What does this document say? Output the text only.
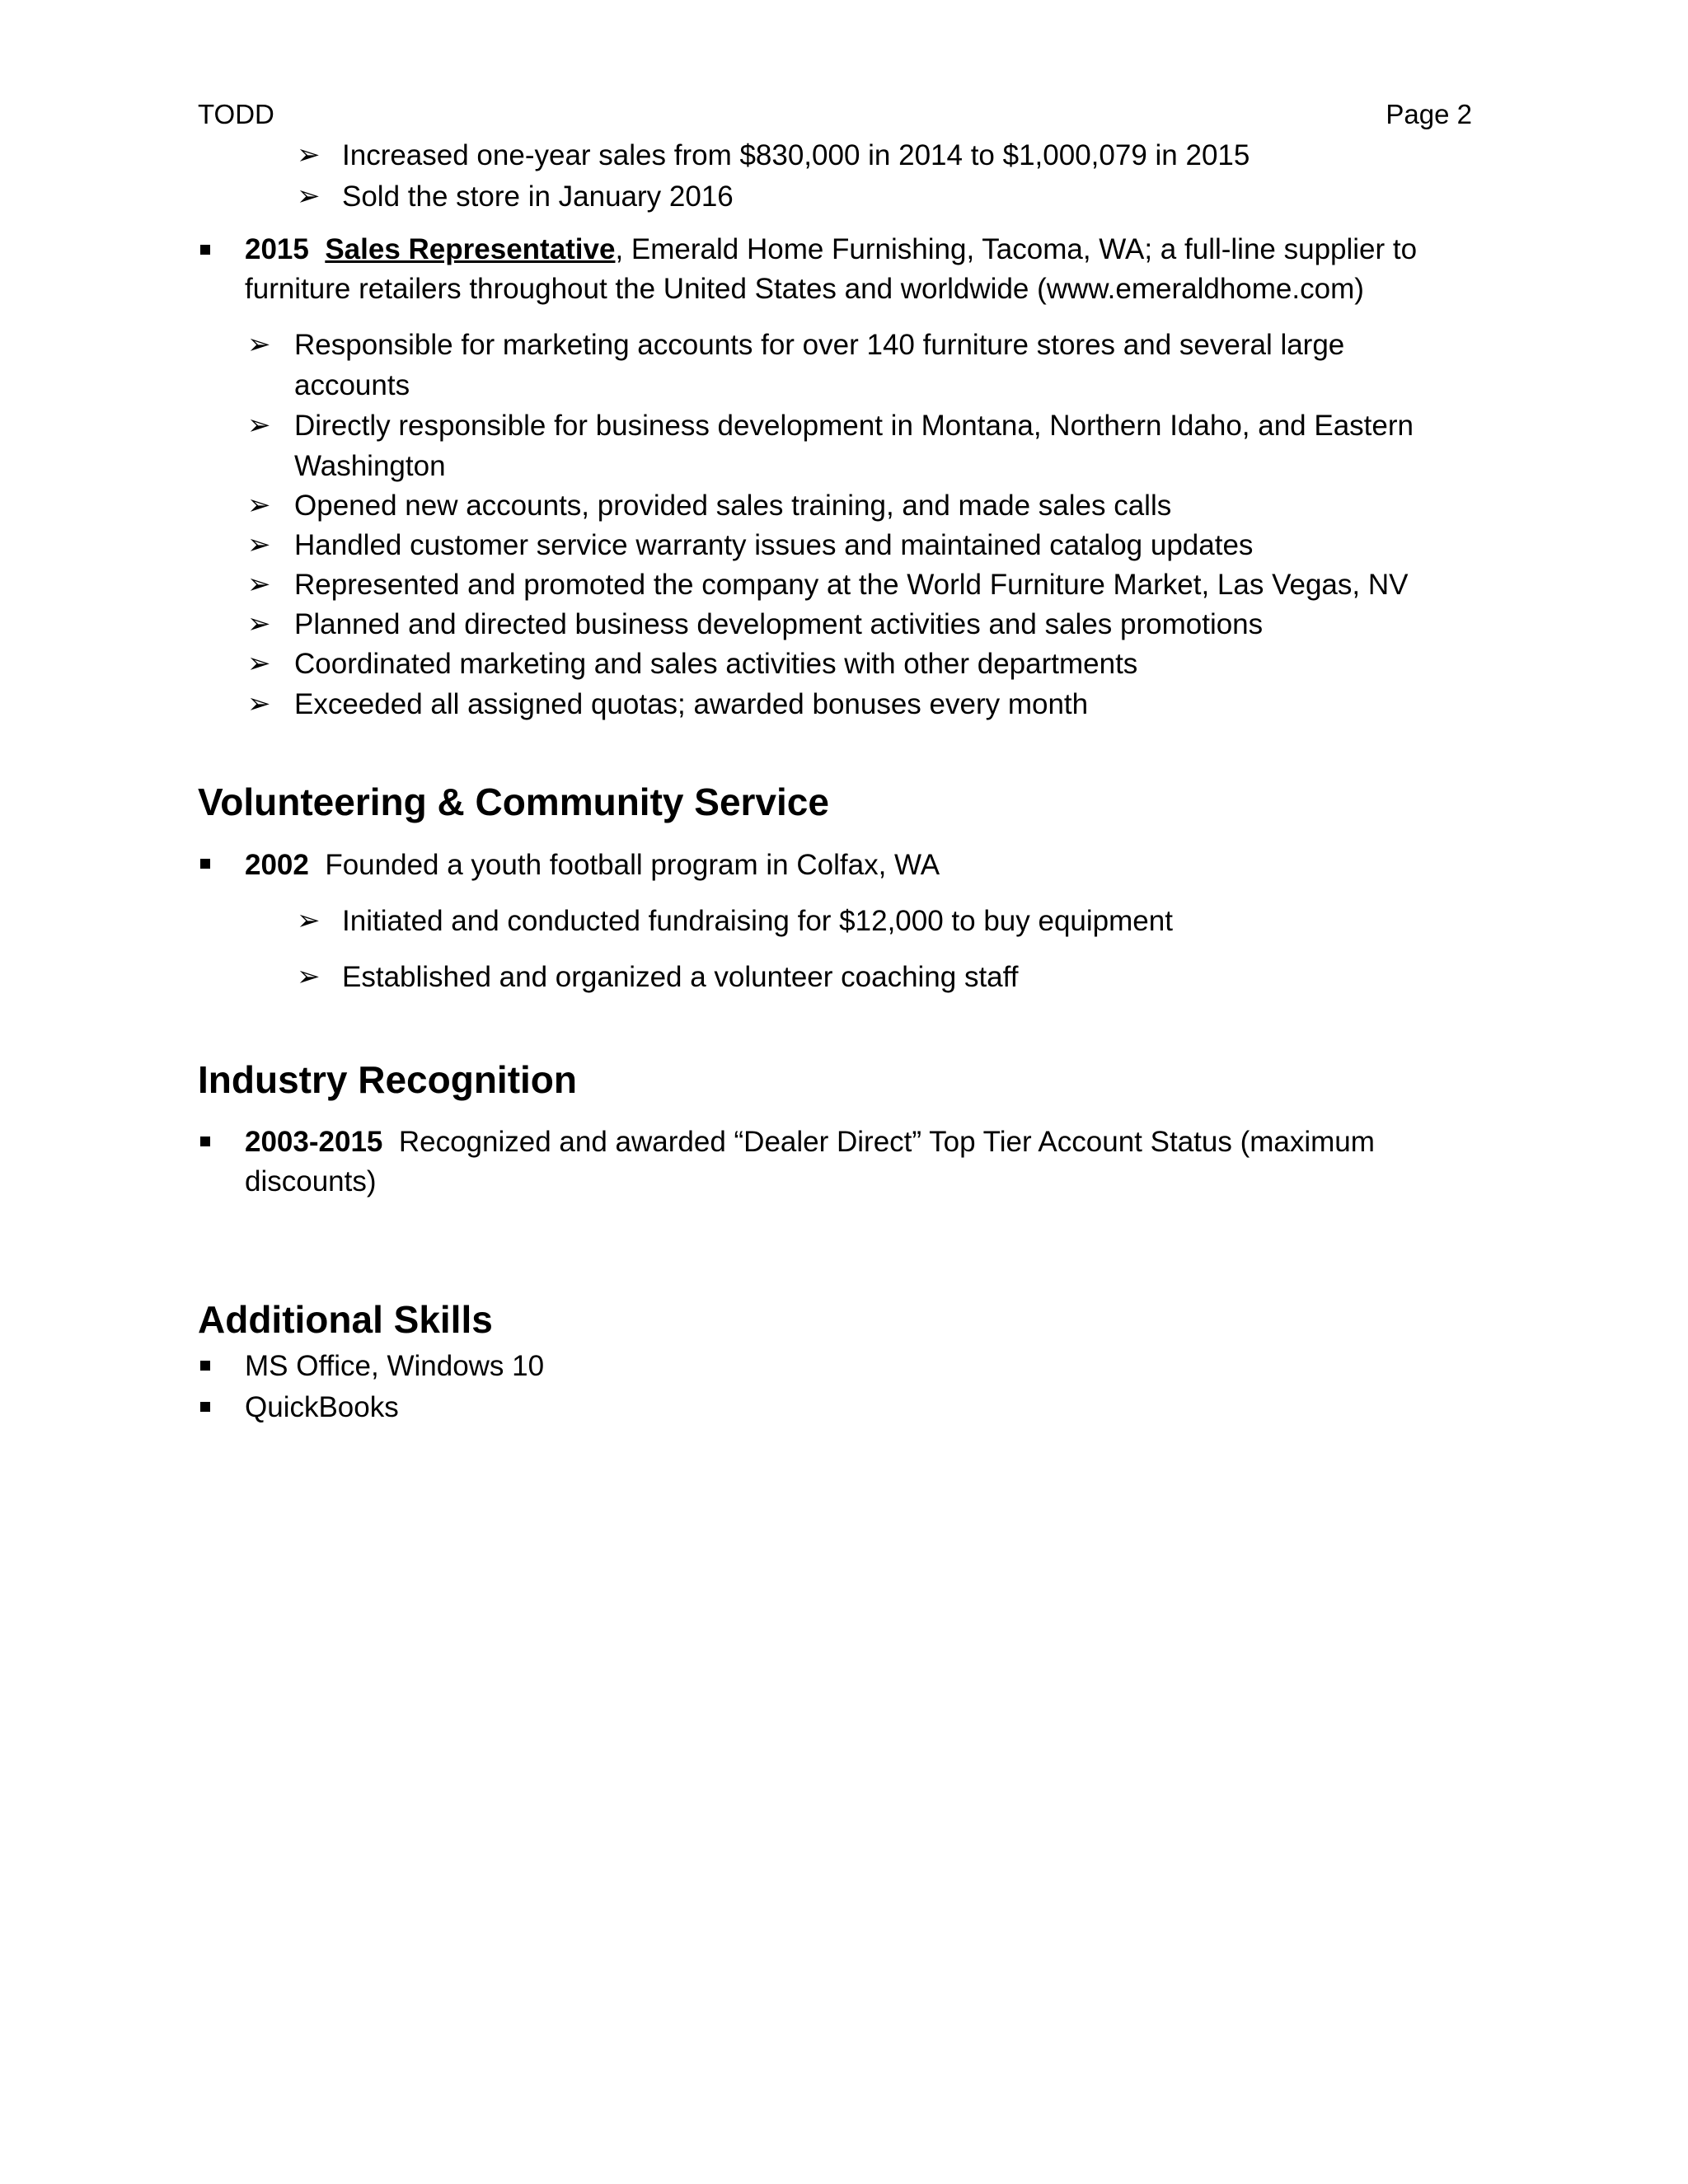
TODD	Page 2
➢ Increased one-year sales from $830,000 in 2014 to $1,000,079 in 2015
➢ Sold the store in January 2016
2015 Sales Representative, Emerald Home Furnishing, Tacoma, WA; a full-line supplier to
furniture retailers throughout the United States and worldwide (www.emeraldhome.com)
➢ Responsible for marketing accounts for over 140 furniture stores and several large
accounts
➢ Directly responsible for business development in Montana, Northern Idaho, and Eastern
Washington
➢ Opened new accounts, provided sales training, and made sales calls
➢ Handled customer service warranty issues and maintained catalog updates
➢ Represented and promoted the company at the World Furniture Market, Las Vegas, NV
➢ Planned and directed business development activities and sales promotions
➢ Coordinated marketing and sales activities with other departments
➢ Exceeded all assigned quotas; awarded bonuses every month
Volunteering & Community Service
2002 Founded a youth football program in Colfax, WA
➢ Initiated and conducted fundraising for $12,000 to buy equipment
➢ Established and organized a volunteer coaching staff
Industry Recognition
2003-2015 Recognized and awarded “Dealer Direct” Top Tier Account Status (maximum
discounts)
Additional Skills
MS Office, Windows 10
QuickBooks
